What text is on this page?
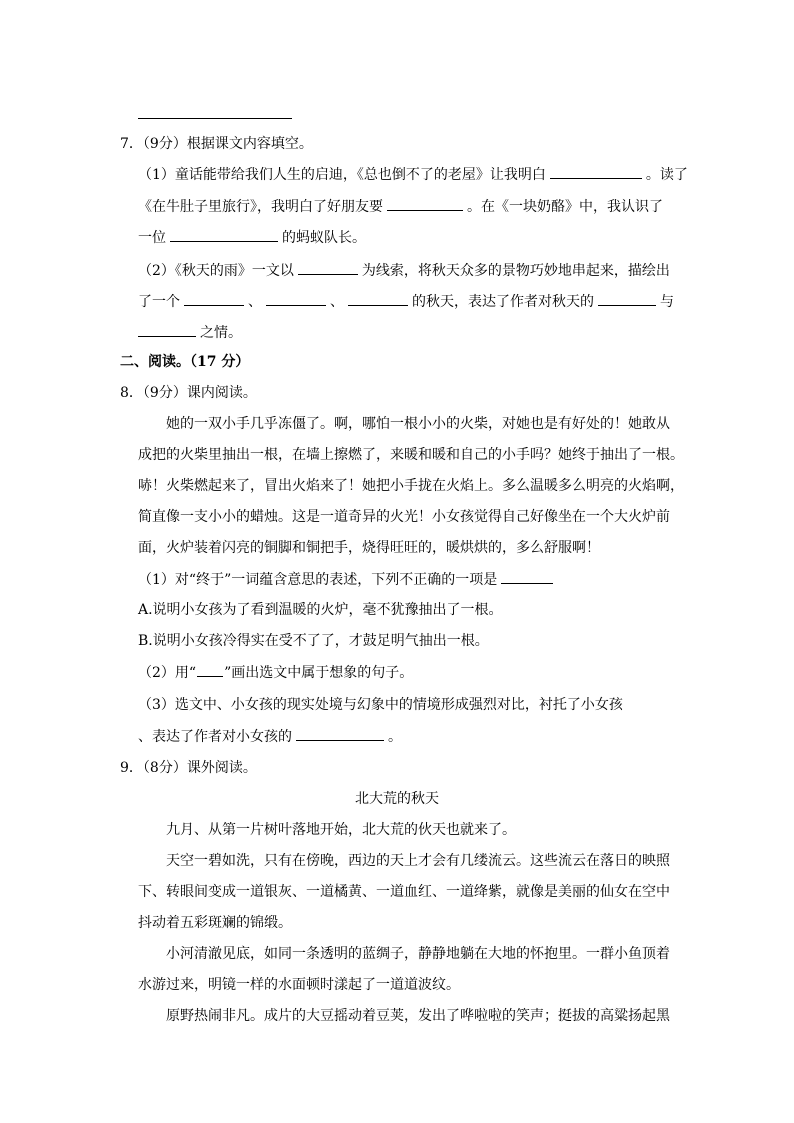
7．（9分）根据课文内容填空。
（1）童话能带给我们人生的启迪，《总也倒不了的老屋》让我明白	。读了
《在牛肚子里旅行》，我明白了好朋友要	。在《一块奶酪》中，我认识了
一位	的蚂蚁队长。
（2）《秋天的雨》一文以	为线索，将秋天众多的景物巧妙地串起来，描绘出
了一个	、	、	的秋天，表达了作者对秋天的	与
之情。
二、阅读。（17 分）
8．（9分）课内阅读。
她的一双小手几乎冻僵了。啊，哪怕一根小小的火柴，对她也是有好处的！她敢从
成把的火柴里抽出一根，在墙上擦燃了，来暖和暖和自己的小手吗？她终于抽出了一根。
哧！火柴燃起来了，冒出火焰来了！她把小手拢在火焰上。多么温暖多么明亮的火焰啊，
简直像一支小小的蜡烛。这是一道奇异的火光！小女孩觉得自己好像坐在一个大火炉前
面，火炉装着闪亮的铜脚和铜把手，烧得旺旺的，暖烘烘的，多么舒服啊！
（1）对“终于”一词蕴含意思的表述，下列不正确的一项是
A.说明小女孩为了看到温暖的火炉，毫不犹豫抽出了一根。
B.说明小女孩冷得实在受不了了，才鼓足明气抽出一根。
（2）用“ ”画出选文中属于想象的句子。
（3）选文中、小女孩的现实处境与幻象中的情境形成强烈对比，衬托了小女孩
、表达了作者对小女孩的	。
9．（8分）课外阅读。
北大荒的秋天
九月、从第一片树叶落地开始，北大荒的伙天也就来了。
天空一碧如洗，只有在傍晚，西边的天上才会有几缕流云。这些流云在落日的映照
下、转眼间变成一道银灰、一道橘黄、一道血红、一道绛紫，就像是美丽的仙女在空中
抖动着五彩斑斓的锦缎。
小河清澈见底，如同一条透明的蓝绸子，静静地躺在大地的怀抱里。一群小鱼顶着
水游过来，明镜一样的水面顿时漾起了一道道波纹。
原野热闹非凡。成片的大豆摇动着豆荚，发出了哗啦啦的笑声；挺拔的高粱扬起黑
